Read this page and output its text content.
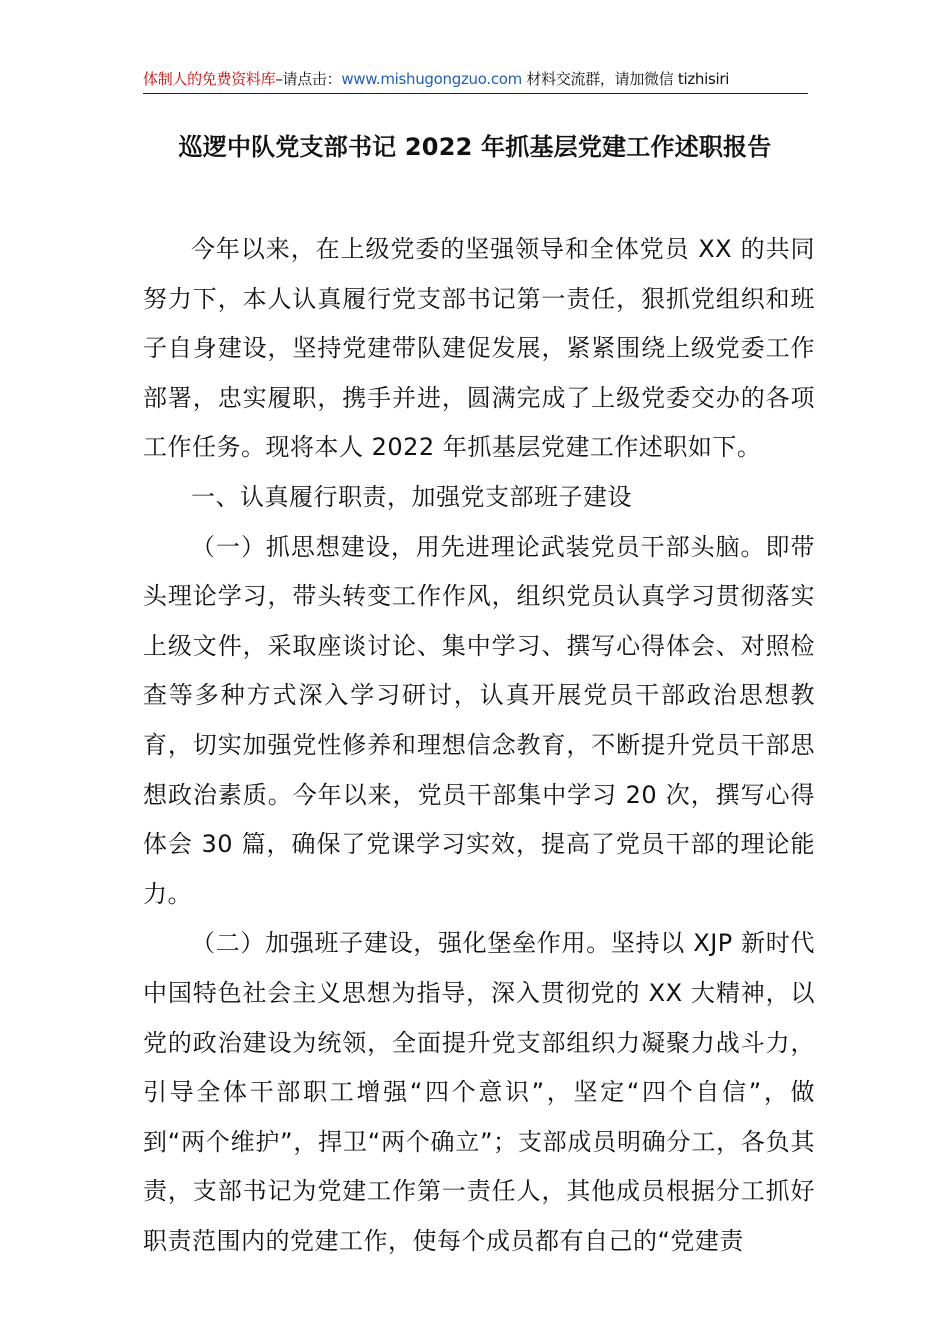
体制人的免费资料库–请点击：www.mishugongzuo.com 材料交流群，请加微信 tizhisiri
巡逻中队党支部书记 2022 年抓基层党建工作述职报告

今年以来，在上级党委的坚强领导和全体党员 XX 的共同努力下，本人认真履行党支部书记第一责任，狠抓党组织和班子自身建设，坚持党建带队建促发展，紧紧围绕上级党委工作部署，忠实履职，携手并进，圆满完成了上级党委交办的各项工作任务。现将本人 2022 年抓基层党建工作述职如下。

一、认真履行职责，加强党支部班子建设

（一）抓思想建设，用先进理论武装党员干部头脑。即带头理论学习，带头转变工作作风，组织党员认真学习贯彻落实上级文件，采取座谈讨论、集中学习、撰写心得体会、对照检查等多种方式深入学习研讨，认真开展党员干部政治思想教育，切实加强党性修养和理想信念教育，不断提升党员干部思想政治素质。今年以来，党员干部集中学习 20 次，撰写心得体会 30 篇，确保了党课学习实效，提高了党员干部的理论能力。

（二）加强班子建设，强化堡垒作用。坚持以 XJP 新时代中国特色社会主义思想为指导，深入贯彻党的 XX 大精神，以党的政治建设为统领，全面提升党支部组织力凝聚力战斗力，引导全体干部职工增强“四个意识”，坚定“四个自信”，做到“两个维护”，捍卫“两个确立”；支部成员明确分工，各负其责，支部书记为党建工作第一责任人，其他成员根据分工抓好职责范围内的党建工作，使每个成员都有自己的“党建责
